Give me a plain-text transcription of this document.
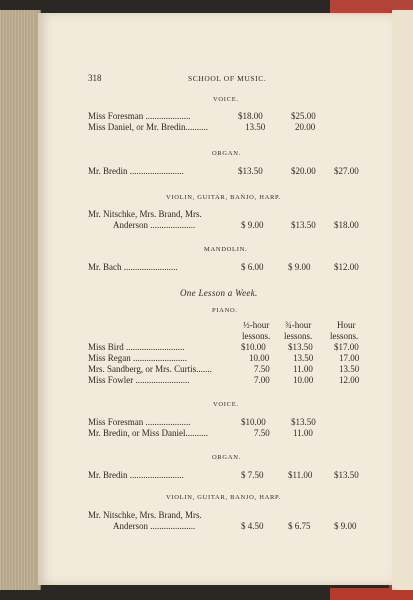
318	SCHOOL OF MUSIC.
VOICE.
Miss Foresman ....................	$18.00	$25.00
Miss Daniel, or Mr. Bredin..........	13.50	20.00
ORGAN.
Mr. Bredin ........................	$13.50	$20.00 $27.00
VIOLIN, GUITAR, BANJO, HARP.
Mr. Nitschke, Mrs. Brand, Mrs.
Anderson ....................	$ 9.00	$13.50 $18.00
MANDOLIN.
Mr. Bach ........................	$ 6.00	$ 9.00	$12.00
One Lesson a Week.
PIANO.
½-hour ¾-hour	Hour
lessons. lessons. lessons.
Miss Bird ..........................	$10.00 $13.50 $17.00
Miss Regan ........................	10.00	13.50	17.00
Mrs. Sandberg, or Mrs. Curtis.......	7.50	11.00	13.50
Miss Fowler ........................	7.00	10.00	12.00
VOICE.
Miss Foresman ....................	$10.00	$13.50
Mr. Bredin, or Miss Daniel..........	7.50	11.00
ORGAN.
Mr. Bredin ........................	$ 7.50	$11.00 $13.50
VIOLIN, GUITAR, BANJO, HARP.
Mr. Nitschke, Mrs. Brand, Mrs.
Anderson ....................	$ 4.50	$ 6.75	$ 9.00
